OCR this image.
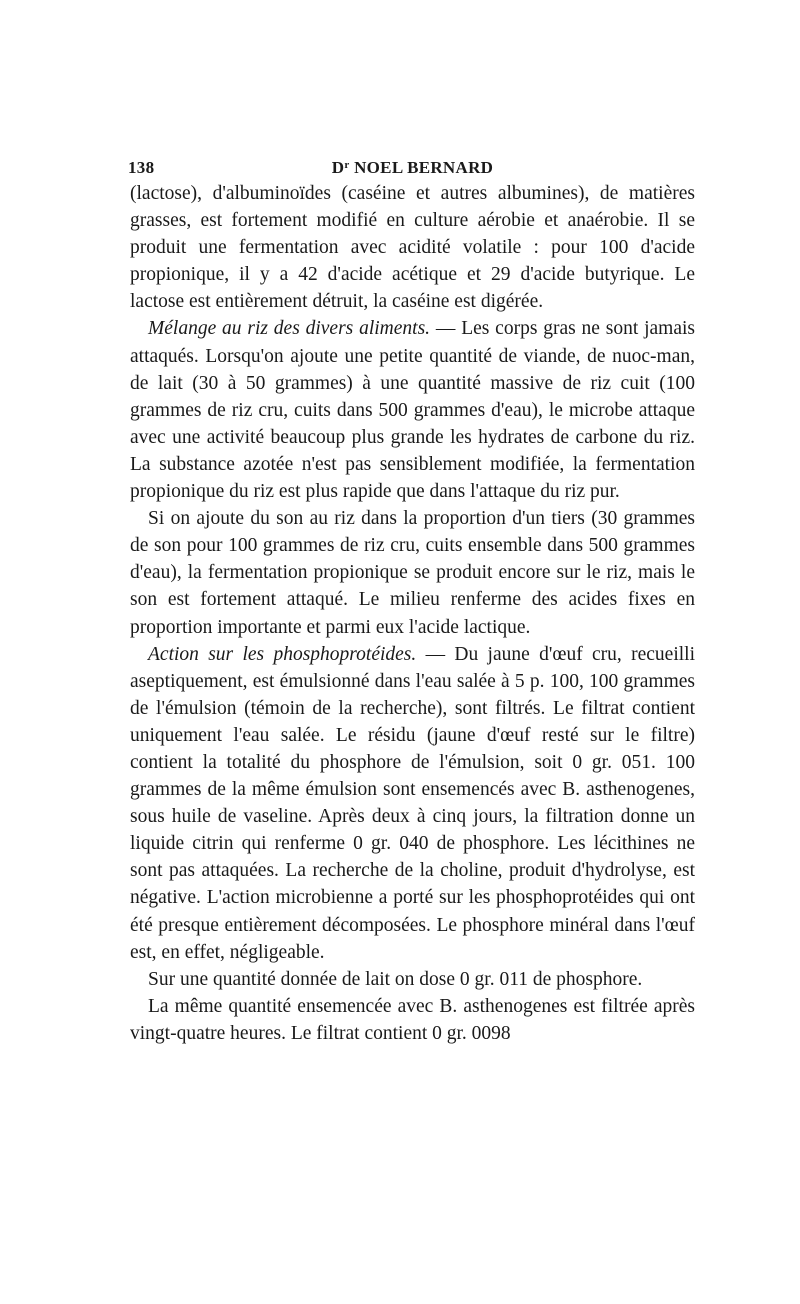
138	$D^r$ NOEL BERNARD

(lactose), d'albuminoïdes (caséine et autres albumines), de matières grasses, est fortement modifié en culture aérobie et anaérobie. Il se produit une fermentation avec acidité volatile : pour 100 d'acide propionique, il y a 42 d'acide acétique et 29 d'acide butyrique. Le lactose est entièrement détruit, la caséine est digérée.

Mélange au riz des divers aliments. — Les corps gras ne sont jamais attaqués. Lorsqu'on ajoute une petite quantité de viande, de nuoc-man, de lait (30 à 50 grammes) à une quantité massive de riz cuit (100 grammes de riz cru, cuits dans 500 grammes d'eau), le microbe attaque avec une activité beaucoup plus grande les hydrates de carbone du riz. La substance azotée n'est pas sensiblement modifiée, la fermentation propionique du riz est plus rapide que dans l'attaque du riz pur.

Si on ajoute du son au riz dans la proportion d'un tiers (30 grammes de son pour 100 grammes de riz cru, cuits ensemble dans 500 grammes d'eau), la fermentation propionique se produit encore sur le riz, mais le son est fortement attaqué. Le milieu renferme des acides fixes en proportion importante et parmi eux l'acide lactique.

Action sur les phosphoprotéides. — Du jaune d'œuf cru, recueilli aseptiquement, est émulsionné dans l'eau salée à 5 p. 100, 100 grammes de l'émulsion (témoin de la recherche), sont filtrés. Le filtrat contient uniquement l'eau salée. Le résidu (jaune d'œuf resté sur le filtre) contient la totalité du phosphore de l'émulsion, soit 0 gr. 051. 100 grammes de la même émulsion sont ensemencés avec B. asthenogenes, sous huile de vaseline. Après deux à cinq jours, la filtration donne un liquide citrin qui renferme 0 gr. 040 de phosphore. Les lécithines ne sont pas attaquées. La recherche de la choline, produit d'hydrolyse, est négative. L'action microbienne a porté sur les phosphoprotéides qui ont été presque entièrement décomposées. Le phosphore minéral dans l'œuf est, en effet, négligeable.

Sur une quantité donnée de lait on dose 0 gr. 011 de phosphore.

La même quantité ensemencée avec B. asthenogenes est filtrée après vingt-quatre heures. Le filtrat contient 0 gr. 0098
